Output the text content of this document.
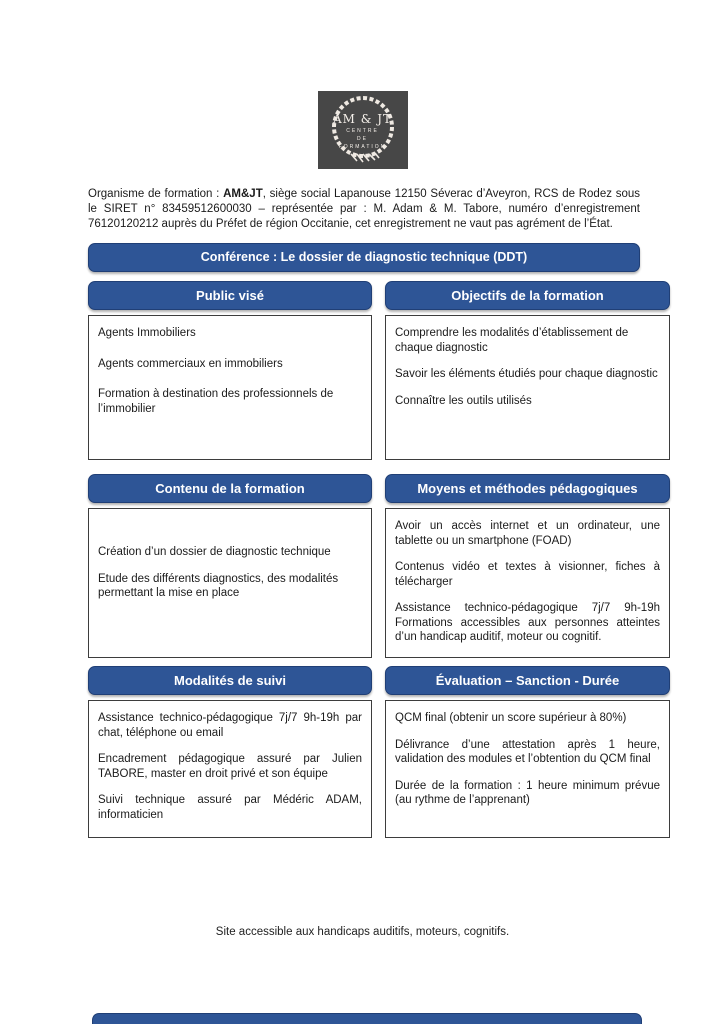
AM & JT
CENTRE
DE
FORMATION

Organisme de formation : AM&JT, siège social Lapanouse 12150 Séverac d’Aveyron, RCS de Rodez sous le SIRET n° 83459512600030 – représentée par : M. Adam & M. Tabore, numéro d’enregistrement 76120120212 auprès du Préfet de région Occitanie, cet enregistrement ne vaut pas agrément de l’État.

Conférence : Le dossier de diagnostic technique (DDT)
Public visé

Agents Immobiliers

Agents commerciaux en immobiliers

Formation à destination des professionnels de l’immobilier

Objectifs de la formation

Comprendre les modalités d’établissement de chaque diagnostic

Savoir les éléments étudiés pour chaque diagnostic

Connaître les outils utilisés

Contenu de la formation

Création d’un dossier de diagnostic technique

Etude des différents diagnostics, des modalités permettant la mise en place

Moyens et méthodes pédagogiques

Avoir un accès internet et un ordinateur, une tablette ou un smartphone (FOAD)

Contenus vidéo et textes à visionner, fiches à télécharger

Assistance technico-pédagogique 7j/7 9h-19h Formations accessibles aux personnes atteintes d’un handicap auditif, moteur ou cognitif.

Modalités de suivi

Assistance technico-pédagogique 7j/7 9h-19h par chat, téléphone ou email

Encadrement pédagogique assuré par Julien TABORE, master en droit privé et son équipe

Suivi technique assuré par Médéric ADAM, informaticien

Évaluation – Sanction - Durée

QCM final (obtenir un score supérieur à 80%)

Délivrance d’une attestation après 1 heure, validation des modules et l’obtention du QCM final

Durée de la formation : 1 heure minimum prévue (au rythme de l’apprenant)

Site accessible aux handicaps auditifs, moteurs, cognitifs.
